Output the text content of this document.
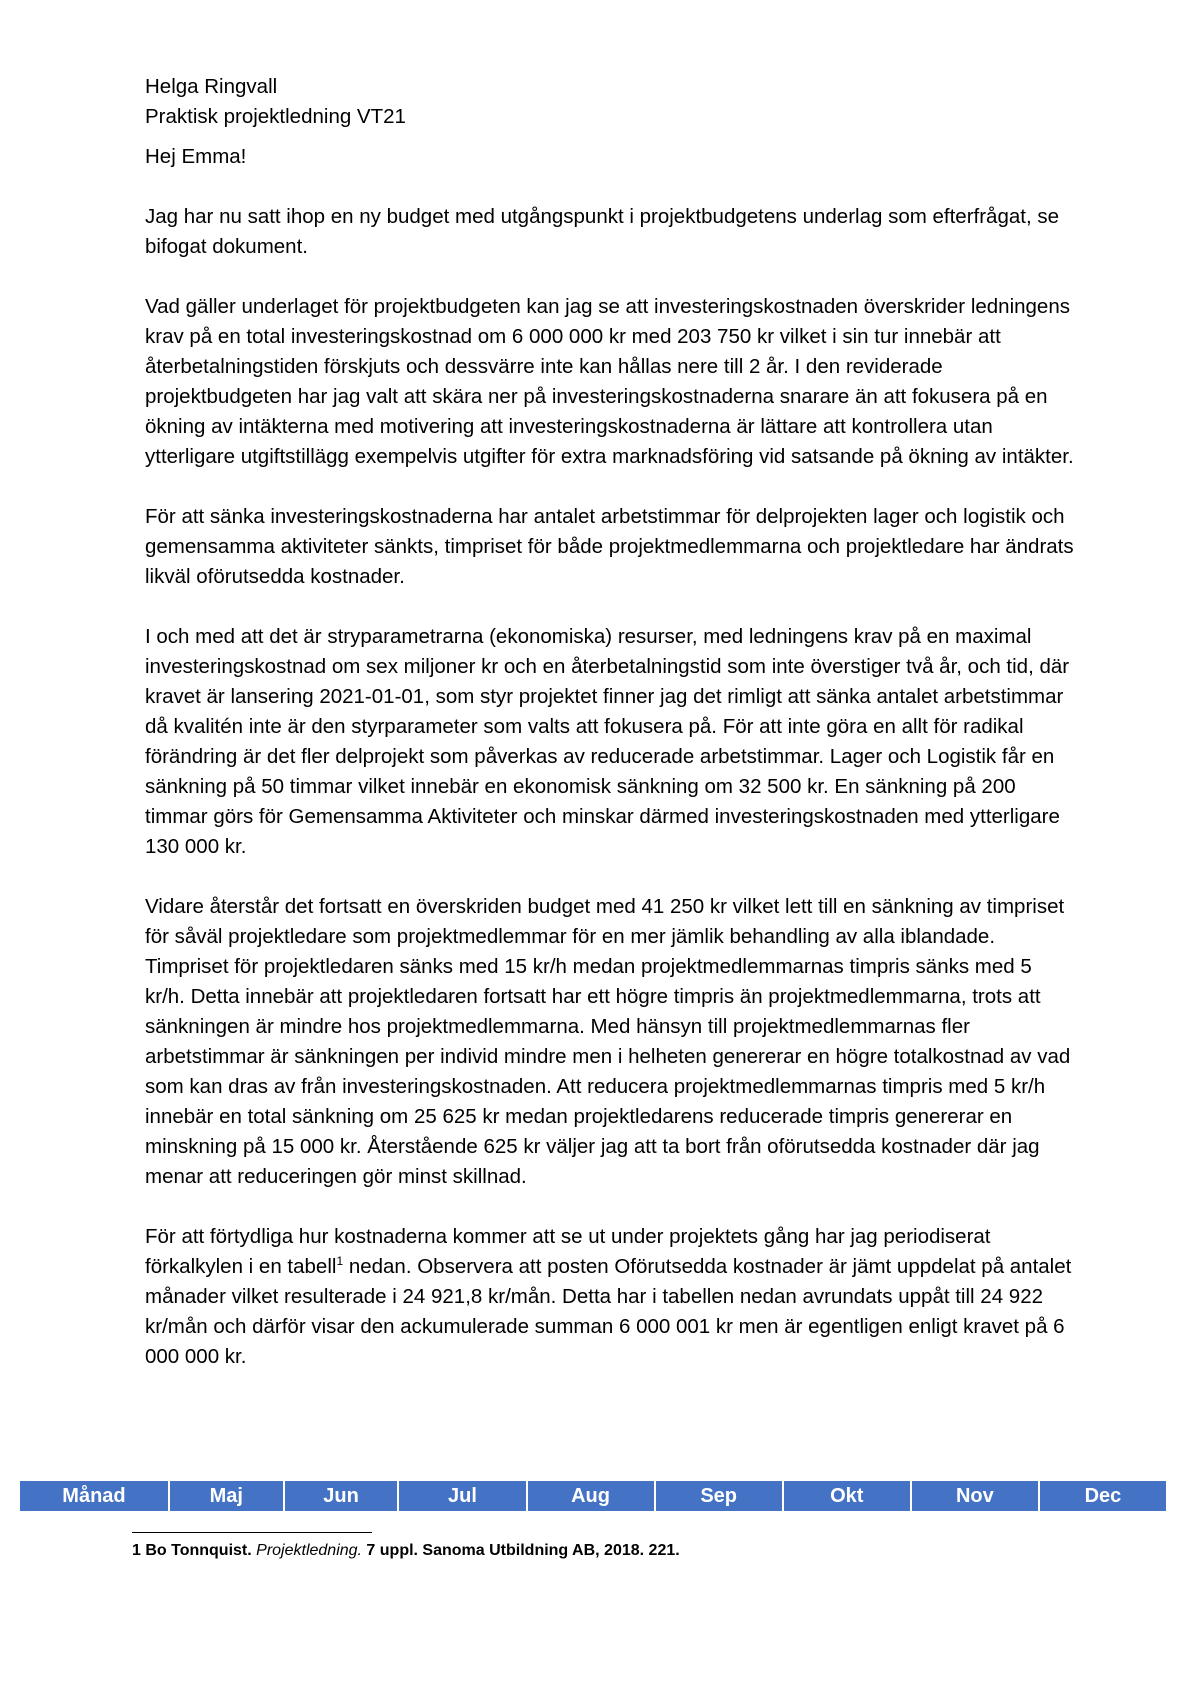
Helga Ringvall

Praktisk projektledning VT21

Hej Emma!

Jag har nu satt ihop en ny budget med utgångspunkt i projektbudgetens underlag som efterfrågat, se bifogat dokument.

Vad gäller underlaget för projektbudgeten kan jag se att investeringskostnaden överskrider ledningens krav på en total investeringskostnad om 6 000 000 kr med 203 750 kr vilket i sin tur innebär att återbetalningstiden förskjuts och dessvärre inte kan hållas nere till 2 år. I den reviderade projektbudgeten har jag valt att skära ner på investeringskostnaderna snarare än att fokusera på en ökning av intäkterna med motivering att investeringskostnaderna är lättare att kontrollera utan ytterligare utgiftstillägg exempelvis utgifter för extra marknadsföring vid satsande på ökning av intäkter.

För att sänka investeringskostnaderna har antalet arbetstimmar för delprojekten lager och logistik och gemensamma aktiviteter sänkts, timpriset för både projektmedlemmarna och projektledare har ändrats likväl oförutsedda kostnader.

I och med att det är stryparametrarna (ekonomiska) resurser, med ledningens krav på en maximal investeringskostnad om sex miljoner kr och en återbetalningstid som inte överstiger två år, och tid, där kravet är lansering 2021-01-01, som styr projektet finner jag det rimligt att sänka antalet arbetstimmar då kvalitén inte är den styrparameter som valts att fokusera på. För att inte göra en allt för radikal förändring är det fler delprojekt som påverkas av reducerade arbetstimmar. Lager och Logistik får en sänkning på 50 timmar vilket innebär en ekonomisk sänkning om 32 500 kr. En sänkning på 200 timmar görs för Gemensamma Aktiviteter och minskar därmed investeringskostnaden med ytterligare 130 000 kr.

Vidare återstår det fortsatt en överskriden budget med 41 250 kr vilket lett till en sänkning av timpriset för såväl projektledare som projektmedlemmar för en mer jämlik behandling av alla iblandade. Timpriset för projektledaren sänks med 15 kr/h medan projektmedlemmarnas timpris sänks med 5 kr/h. Detta innebär att projektledaren fortsatt har ett högre timpris än projektmedlemmarna, trots att sänkningen är mindre hos projektmedlemmarna. Med hänsyn till projektmedlemmarnas fler arbetstimmar är sänkningen per individ mindre men i helheten genererar en högre totalkostnad av vad som kan dras av från investeringskostnaden. Att reducera projektmedlemmarnas timpris med 5 kr/h innebär en total sänkning om 25 625 kr medan projektledarens reducerade timpris genererar en minskning på 15 000 kr. Återstående 625 kr väljer jag att ta bort från oförutsedda kostnader där jag menar att reduceringen gör minst skillnad.

För att förtydliga hur kostnaderna kommer att se ut under projektets gång har jag periodiserat förkalkylen i en tabell$^1$ nedan. Observera att posten Oförutsedda kostnader är jämt uppdelat på antalet månader vilket resulterade i 24 921,8 kr/mån. Detta har i tabellen nedan avrundats uppåt till 24 922 kr/mån och därför visar den ackumulerade summan 6 000 001 kr men är egentligen enligt kravet på 6 000 000 kr.

Månad	Maj	Jun	Jul	Aug	Sep	Okt	Nov	Dec
1 Bo Tonnquist. Projektledning. 7 uppl. Sanoma Utbildning AB, 2018. 221.
